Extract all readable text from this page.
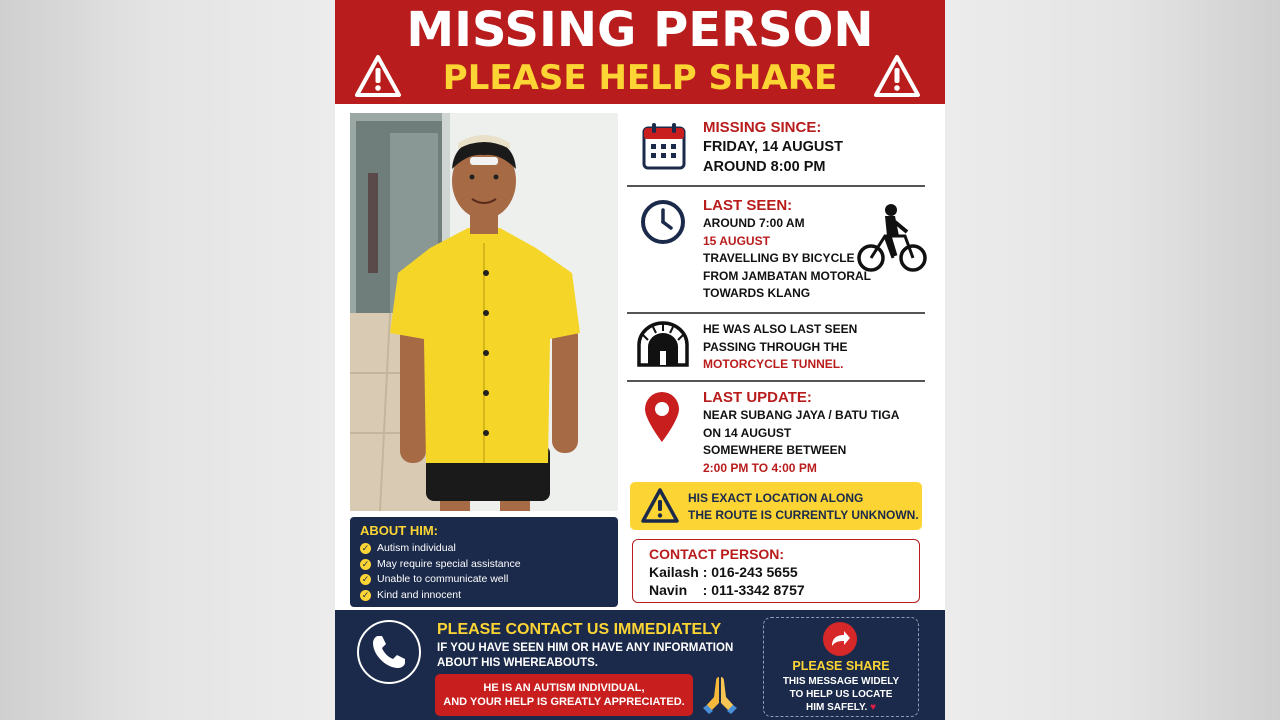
MISSING PERSON
PLEASE HELP SHARE
ABOUT HIM:
✓ Autism individual
✓ May require special assistance
✓ Unable to communicate well
✓ Kind and innocent
MISSING SINCE:
FRIDAY, 14 AUGUST
AROUND 8:00 PM
LAST SEEN:
AROUND 7:00 AM
15 AUGUST
TRAVELLING BY BICYCLE
FROM JAMBATAN MOTORAL
TOWARDS KLANG
HE WAS ALSO LAST SEEN
PASSING THROUGH THE
MOTORCYCLE TUNNEL.
LAST UPDATE:
NEAR SUBANG JAYA / BATU TIGA
ON 14 AUGUST
SOMEWHERE BETWEEN
2:00 PM TO 4:00 PM
HIS EXACT LOCATION ALONG
THE ROUTE IS CURRENTLY UNKNOWN.
CONTACT PERSON:
Kailash : 016-243 5655
Navin    : 011-3342 8757
PLEASE CONTACT US IMMEDIATELY
IF YOU HAVE SEEN HIM OR HAVE ANY INFORMATION
ABOUT HIS WHEREABOUTS.
HE IS AN AUTISM INDIVIDUAL,
AND YOUR HELP IS GREATLY APPRECIATED.
PLEASE SHARE
THIS MESSAGE WIDELY
TO HELP US LOCATE
HIM SAFELY. ♥
